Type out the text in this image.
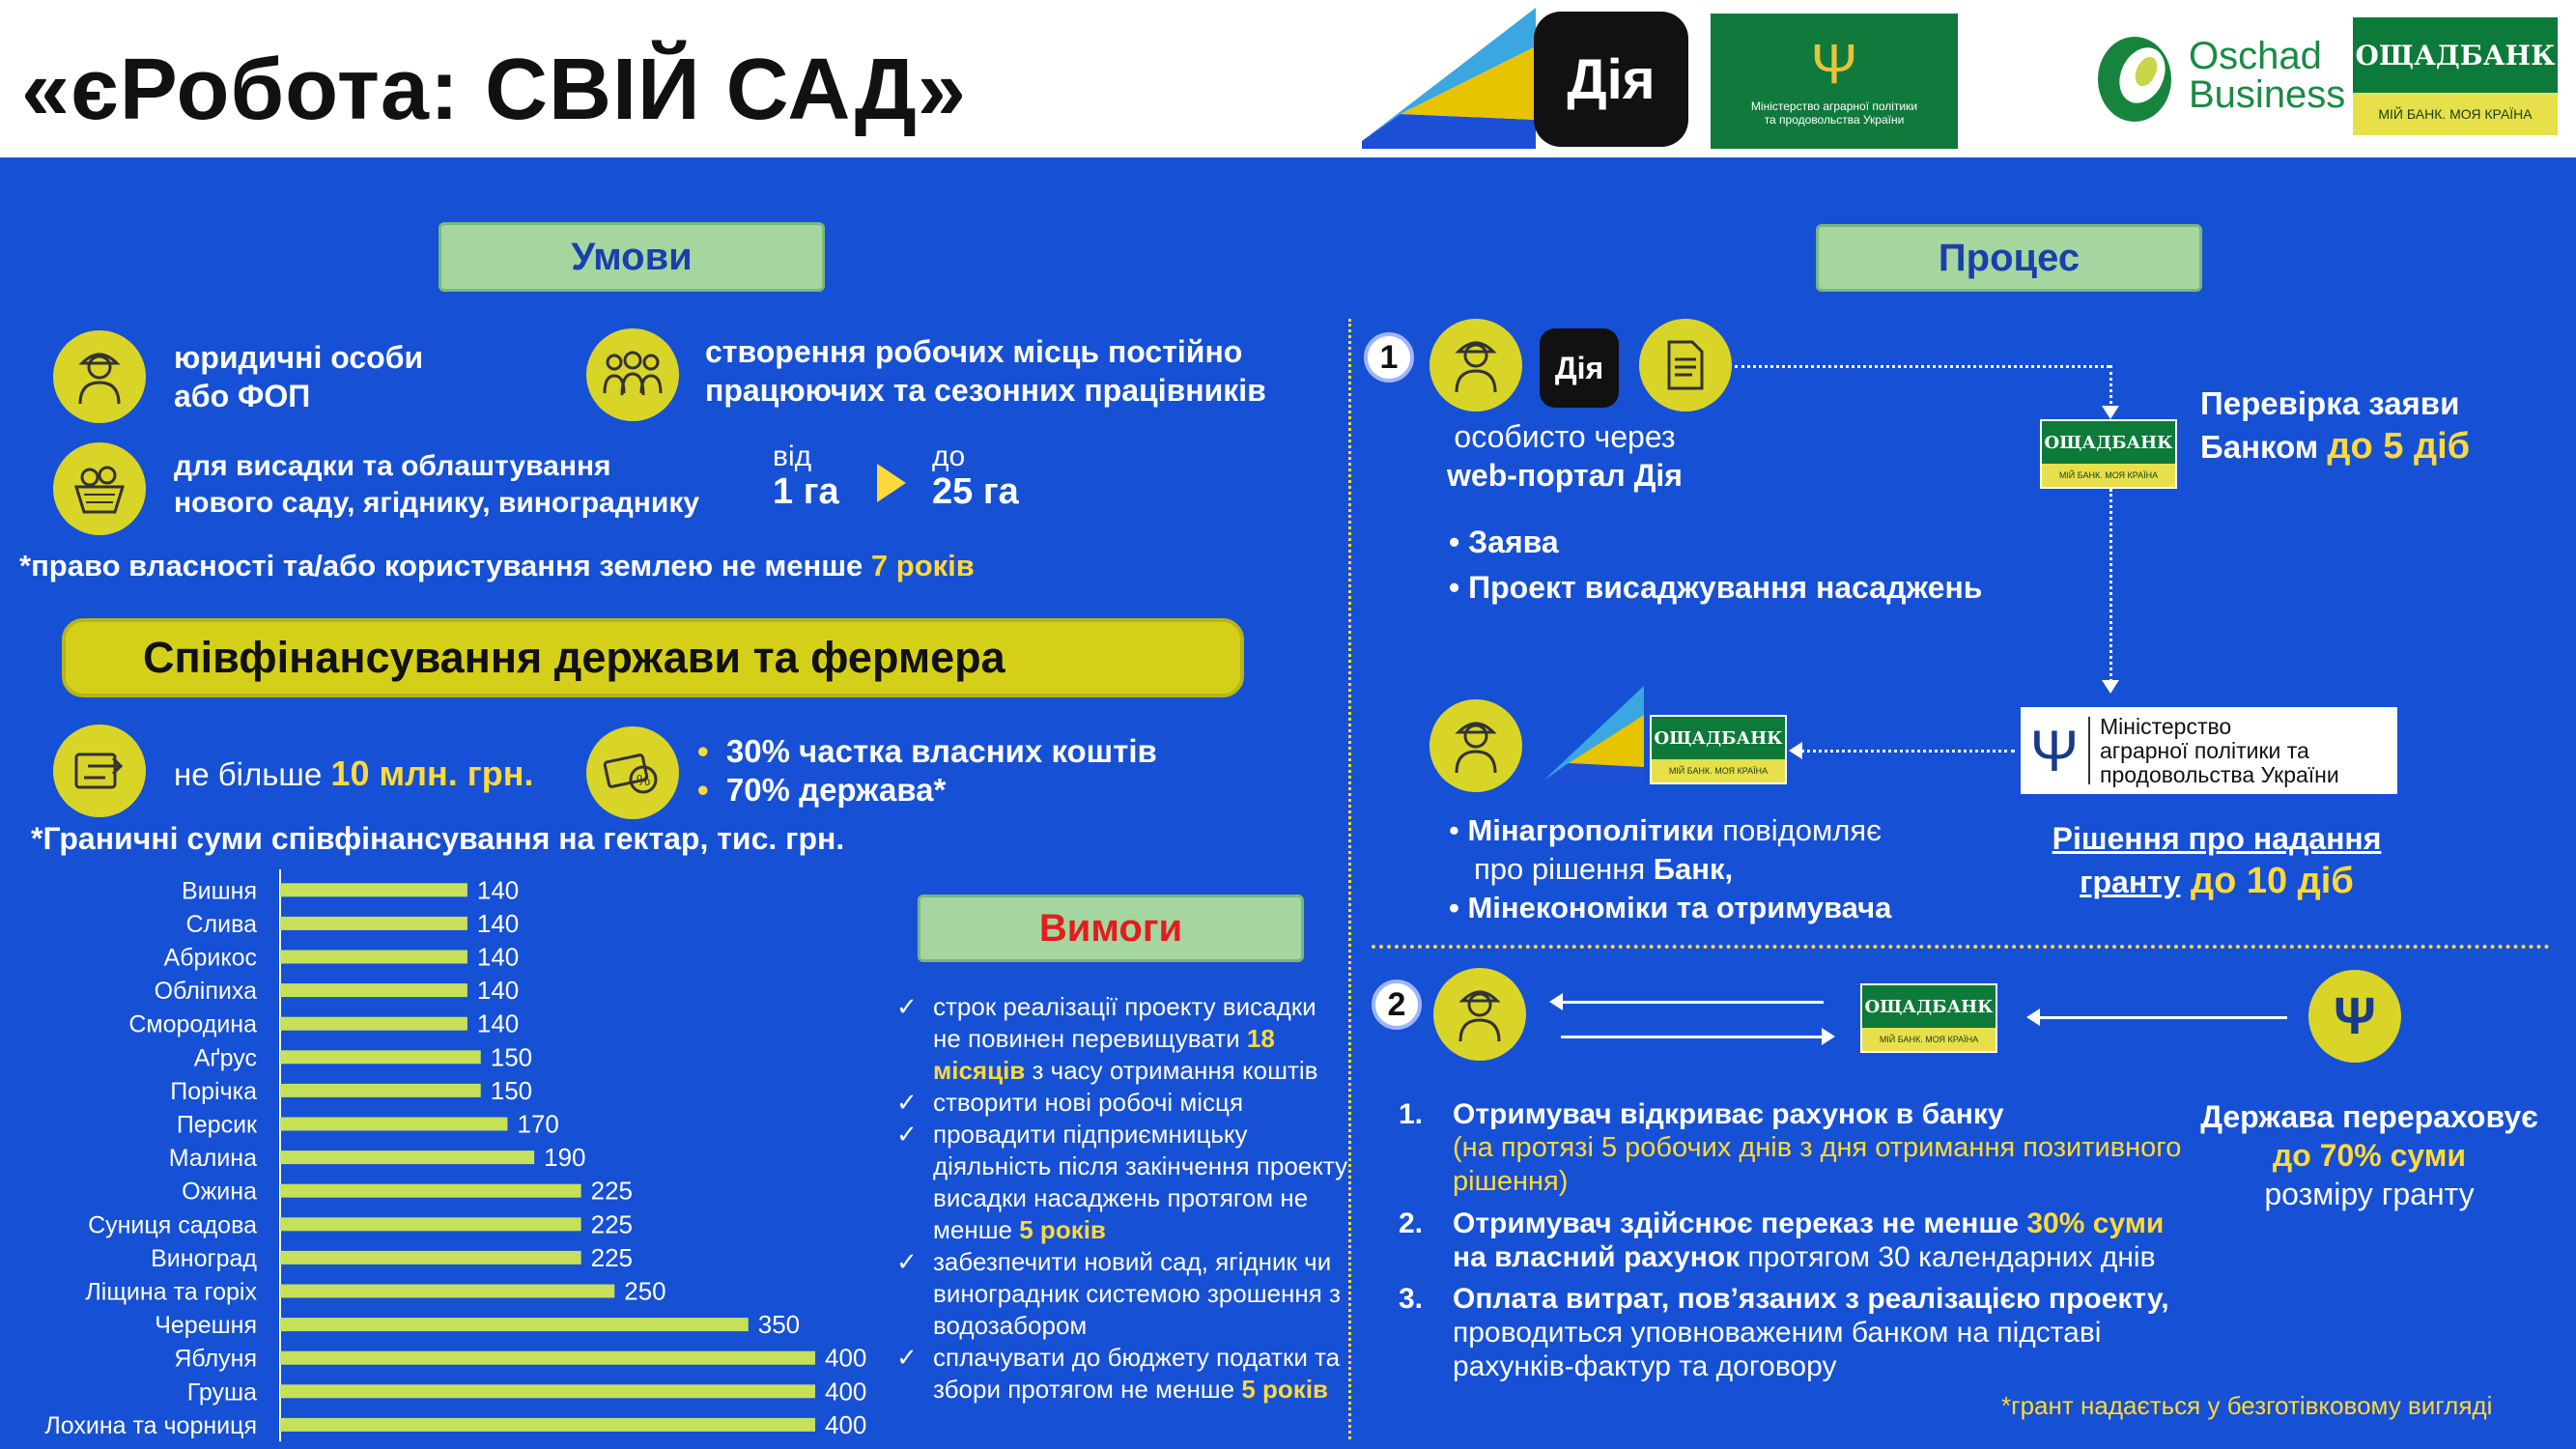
«єРобота: СВІЙ САД»	Дія	Ψ
Міністерство аграрної політики
та продовольства України
Oschad
Business
ОЩАДБАНК
МІЙ БАНК. МОЯ КРАЇНА
Умови
юридичні особи
або ФОП
створення робочих місць постійно
працюючих та сезонних працівників
для висадки та облаштування
нового саду, ягіднику, винограднику
від
1 га
до
25 га
*право власності та/або користування землею не менше 7 років
Співфінансування держави та фермера
не більше 10 млн. грн.	%
• 30% частка власних коштів
• 70% держава*
*Граничні суми співфінансування на гектар, тис. грн.
Вишня	140
Слива	140
Абрикос	140
Обліпиха	140
Смородина	140
Аґрус	150
Порічка	150
Персик	170
Малина	190
Ожина	225
Суниця садова	225
Виноград	225
Ліщина та горіх	250
Черешня	350
Яблуня	400
Груша	400
Лохина та чорниця	400
Вимоги
✓ строк реалізації проекту висадки не повинен перевищувати 18 місяців з часу отримання коштів
✓ створити нові робочі місця
✓ провадити підприємницьку діяльність після закінчення проекту висадки насаджень протягом не менше 5 років
✓ забезпечити новий сад, ягідник чи виноградник системою зрошення з водозабором
✓ сплачувати до бюджету податки та збори протягом не менше 5 років
Процес
1	Дія
особисто через
web-портал Дія
• Заява
• Проект висаджування насаджень
ОЩАДБАНК
МІЙ БАНК. МОЯ КРАЇНА
Перевірка заяви
Банком до 5 діб
Ψ Міністерство
аграрної політики та
продовольства України
Рішення про надання
гранту до 10 діб
ОЩАДБАНК
МІЙ БАНК. МОЯ КРАЇНА
• Мінагрополітики повідомляє
про рішення Банк,
• Мінекономіки та отримувача
2	ОЩАДБАНК
МІЙ БАНК. МОЯ КРАЇНА	Ψ
1. Отримувач відкриває рахунок в банку
(на протязі 5 робочих днів з дня отримання позитивного рішення)
2. Отримувач здійснює переказ не менше 30% суми
на власний рахунок протягом 30 календарних днів
3. Оплата витрат, пов’язаних з реалізацією проекту,
проводиться уповноваженим банком на підставі рахунків-фактур та договору
Держава перераховує
до 70% суми
розміру гранту
*грант надається у безготівковому вигляді
